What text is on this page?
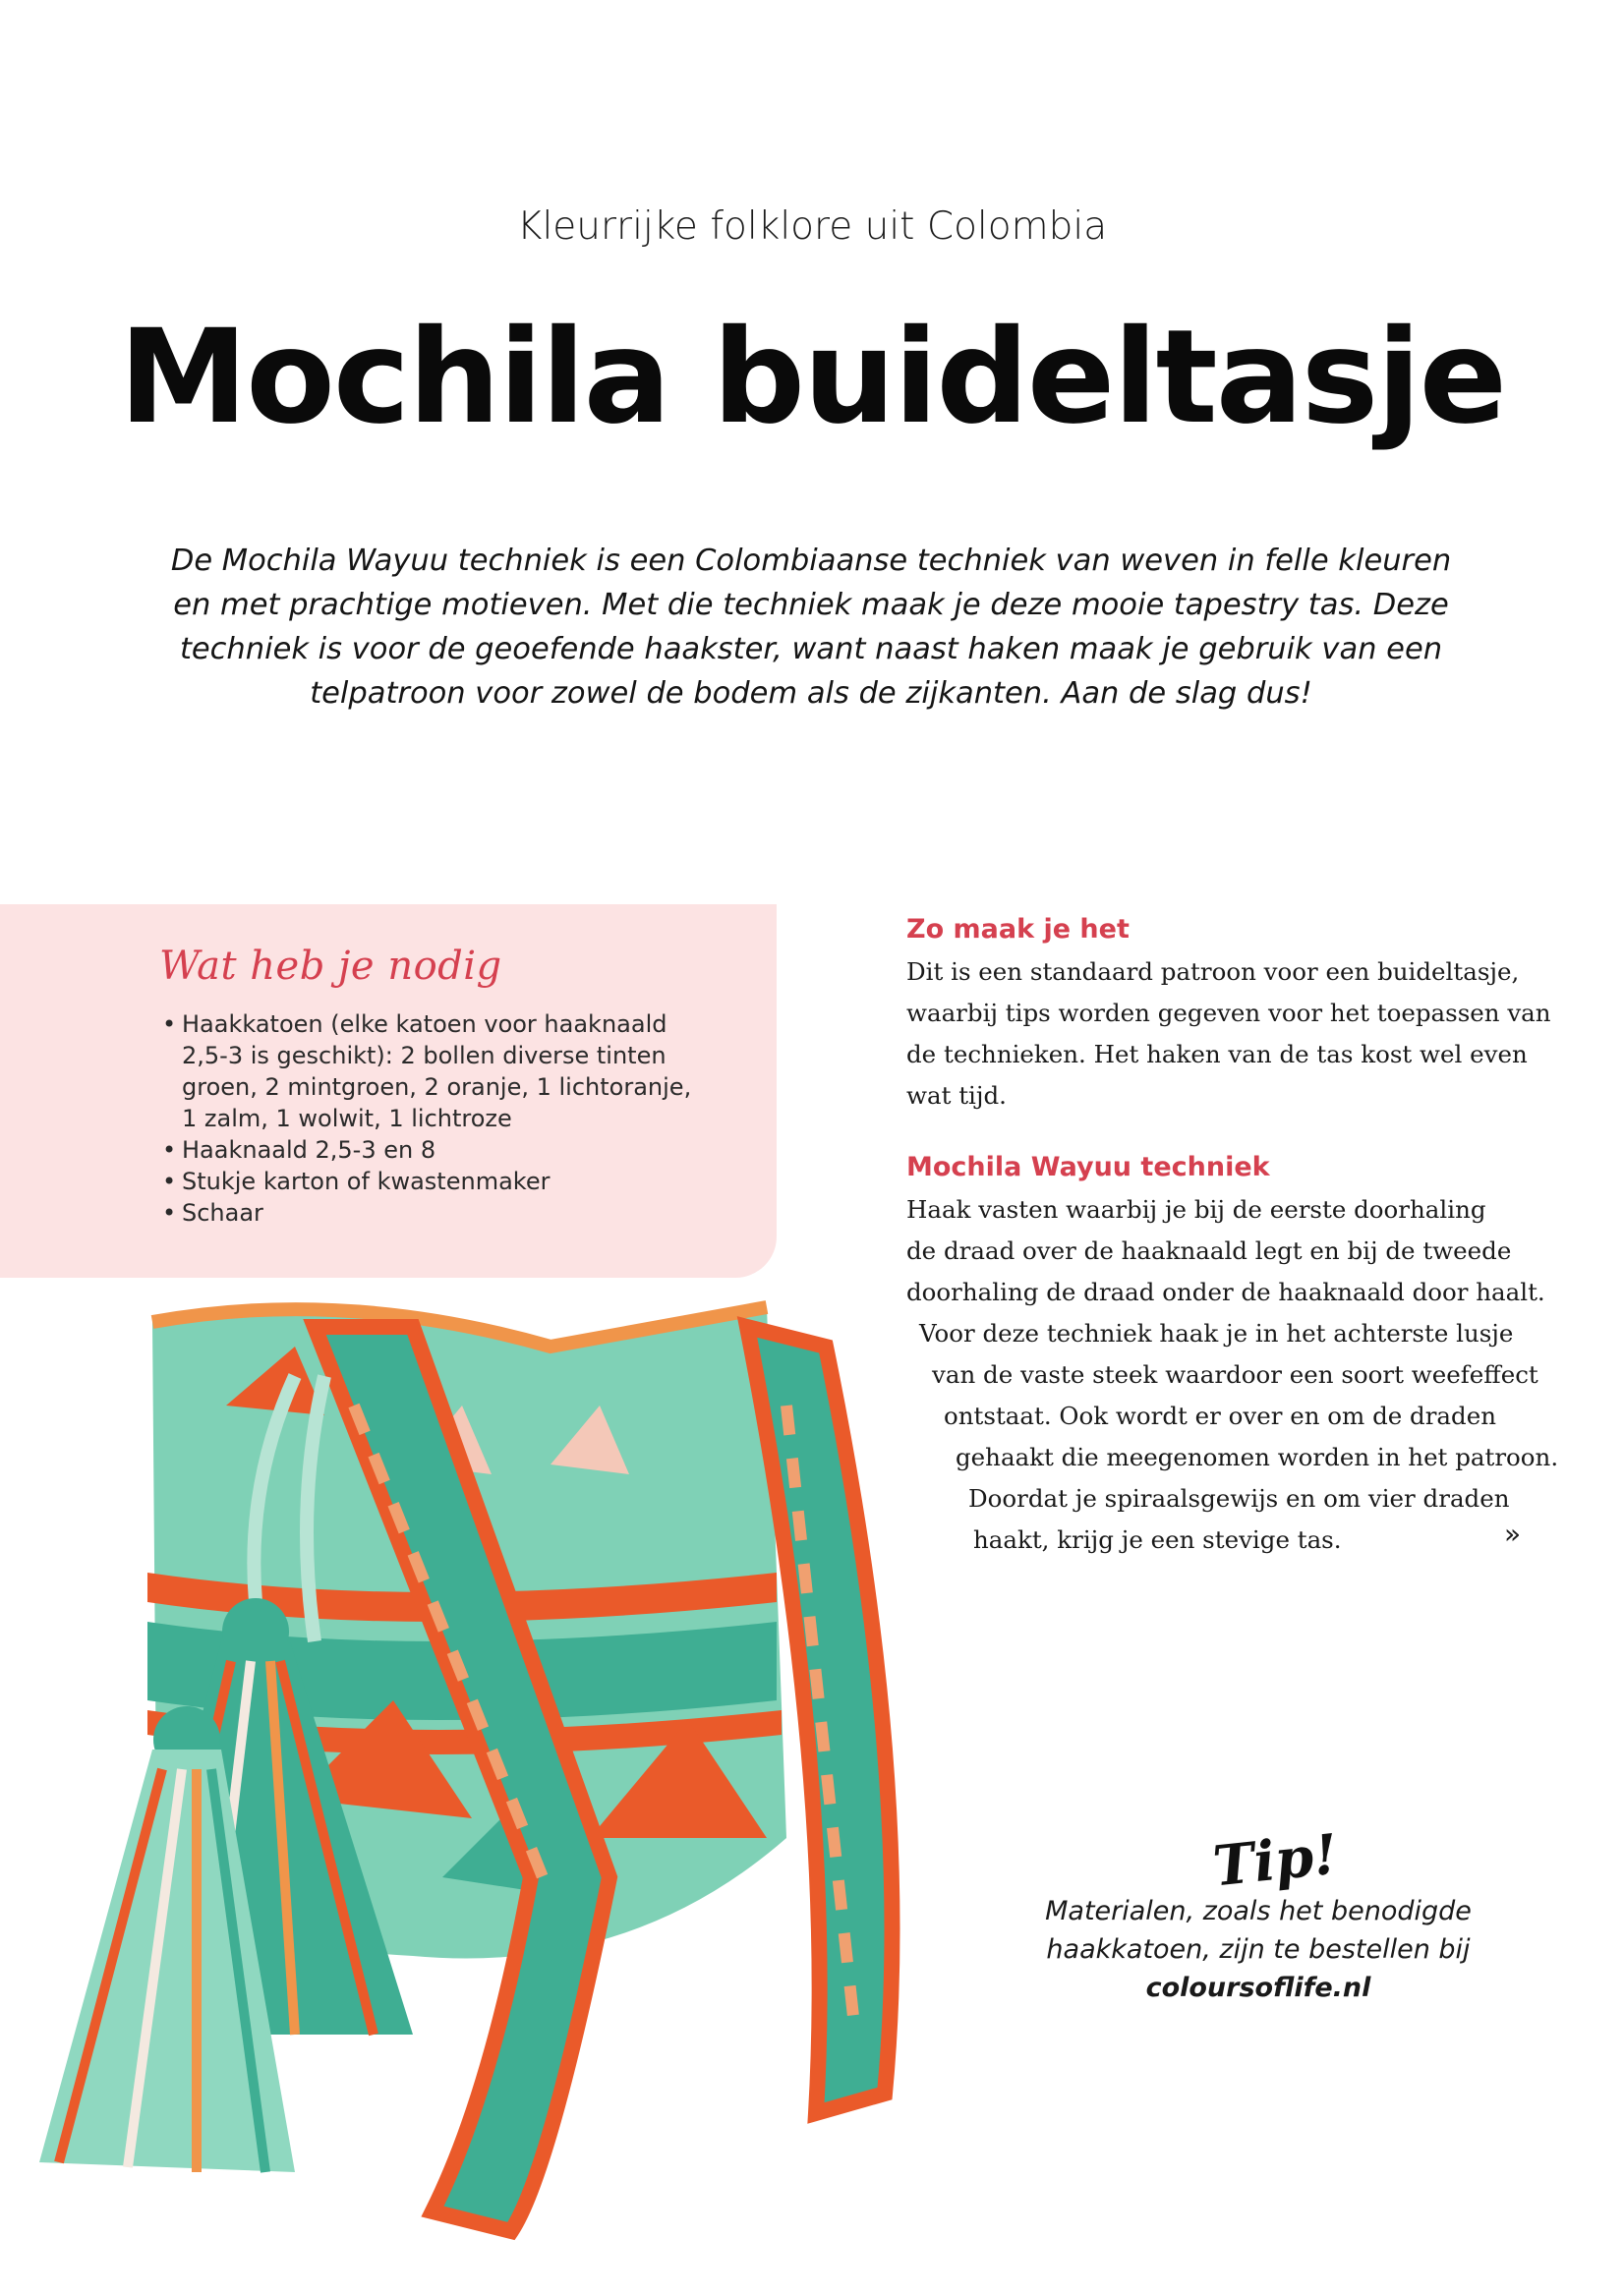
Kleurrijke folklore uit Colombia
Mochila buideltasje
De Mochila Wayuu techniek is een Colombiaanse techniek van weven in felle kleuren
en met prachtige motieven. Met die techniek maak je deze mooie tapestry tas. Deze
techniek is voor de geoefende haakster, want naast haken maak je gebruik van een
telpatroon voor zowel de bodem als de zijkanten. Aan de slag dus!
Wat heb je nodig
• Haakkatoen (elke katoen voor haaknaald
2,5-3 is geschikt): 2 bollen diverse tinten
groen, 2 mintgroen, 2 oranje, 1 lichtoranje,
1 zalm, 1 wolwit, 1 lichtroze
• Haaknaald 2,5-3 en 8
• Stukje karton of kwastenmaker
• Schaar
Zo maak je het
Dit is een standaard patroon voor een buideltasje,
waarbij tips worden gegeven voor het toepassen van
de technieken. Het haken van de tas kost wel even
wat tijd.
Mochila Wayuu techniek
Haak vasten waarbij je bij de eerste doorhaling
de draad over de haaknaald legt en bij de tweede
doorhaling de draad onder de haaknaald door haalt.
Voor deze techniek haak je in het achterste lusje
van de vaste steek waardoor een soort weefeffect
ontstaat. Ook wordt er over en om de draden
gehaakt die meegenomen worden in het patroon.
Doordat je spiraalsgewijs en om vier draden
haakt, krijg je een stevige tas.	»
Tip!
Materialen, zoals het benodigde
haakkatoen, zijn te bestellen bij
coloursoflife.nl
